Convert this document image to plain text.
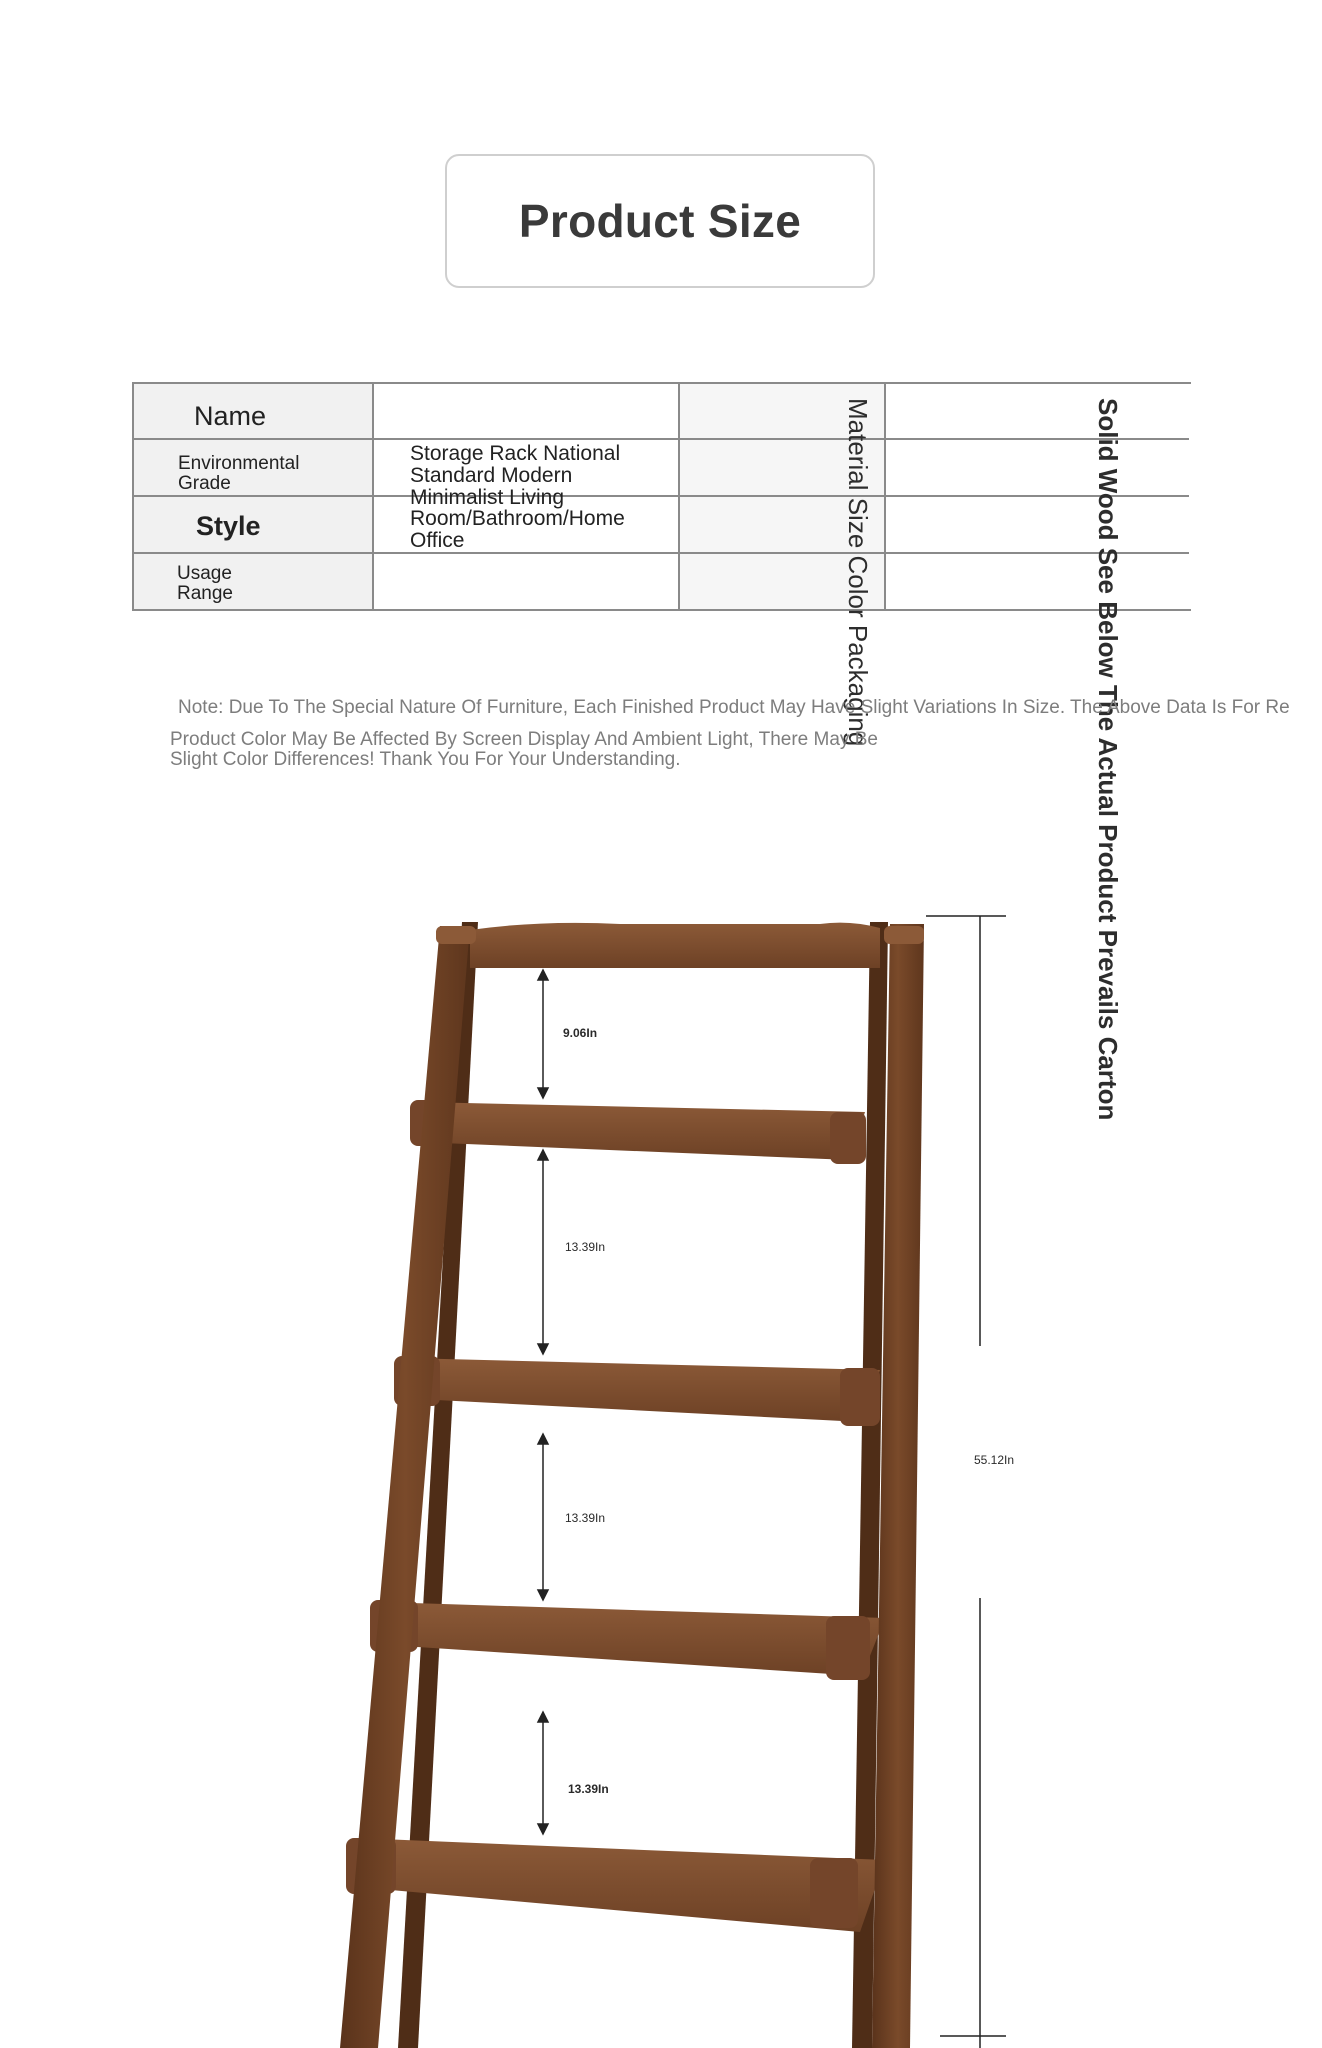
Product Size
Name
Environmental Grade
Style
Usage Range
Storage Rack National Standard Modern Minimalist Living Room/Bathroom/Home Office	Material Size Color Packaging	Solid Wood See Below The Actual Product Prevails Carton
Note: Due To The Special Nature Of Furniture, Each Finished Product May Have Slight Variations In Size. The Above Data Is For Re
Product Color May Be Affected By Screen Display And Ambient Light, There May Be Slight Color Differences! Thank You For Your Understanding.
9.06In
13.39In
13.39In
13.39In
55.12In
